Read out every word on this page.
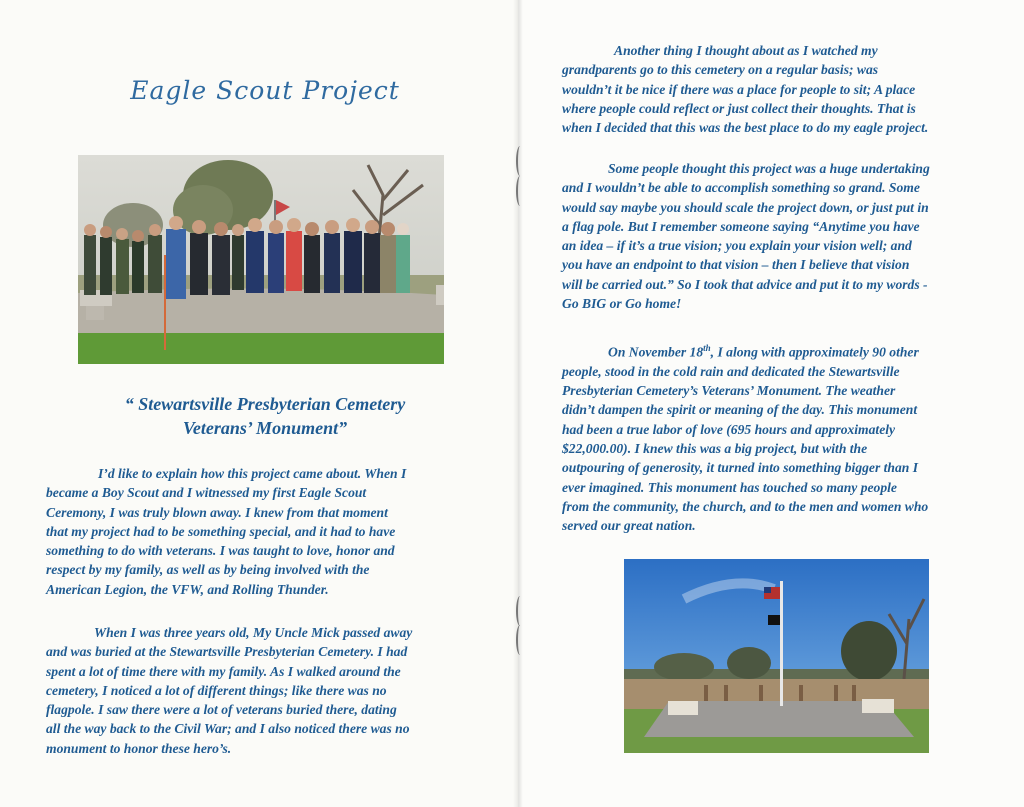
Eagle Scout Project
“ Stewartsville Presbyterian Cemetery
Veterans’ Monument”

I’d like to explain how this project came about. When I
became a Boy Scout and I witnessed my first Eagle Scout
Ceremony, I was truly blown away. I knew from that moment
that my project had to be something special, and it had to have
something to do with veterans. I was taught to love, honor and
respect by my family, as well as by being involved with the
American Legion, the VFW, and Rolling Thunder.

When I was three years old, My Uncle Mick passed away
and was buried at the Stewartsville Presbyterian Cemetery. I had
spent a lot of time there with my family. As I walked around the
cemetery, I noticed a lot of different things; like there was no
flagpole. I saw there were a lot of veterans buried there, dating
all the way back to the Civil War; and I also noticed there was no
monument to honor these hero’s.

Another thing I thought about as I watched my
grandparents go to this cemetery on a regular basis; was
wouldn’t it be nice if there was a place for people to sit; A place
where people could reflect or just collect their thoughts. That is
when I decided that this was the best place to do my eagle project.

Some people thought this project was a huge undertaking
and I wouldn’t be able to accomplish something so grand. Some
would say maybe you should scale the project down, or just put in
a flag pole. But I remember someone saying “Anytime you have
an idea – if it’s a true vision; you explain your vision well; and
you have an endpoint to that vision – then I believe that vision
will be carried out.” So I took that advice and put it to my words -
Go BIG or Go home!

On November 18th, I along with approximately 90 other
people, stood in the cold rain and dedicated the Stewartsville
Presbyterian Cemetery’s Veterans’ Monument. The weather
didn’t dampen the spirit or meaning of the day. This monument
had been a true labor of love (695 hours and approximately
$22,000.00). I knew this was a big project, but with the
outpouring of generosity, it turned into something bigger than I
ever imagined. This monument has touched so many people
from the community, the church, and to the men and women who
served our great nation.
